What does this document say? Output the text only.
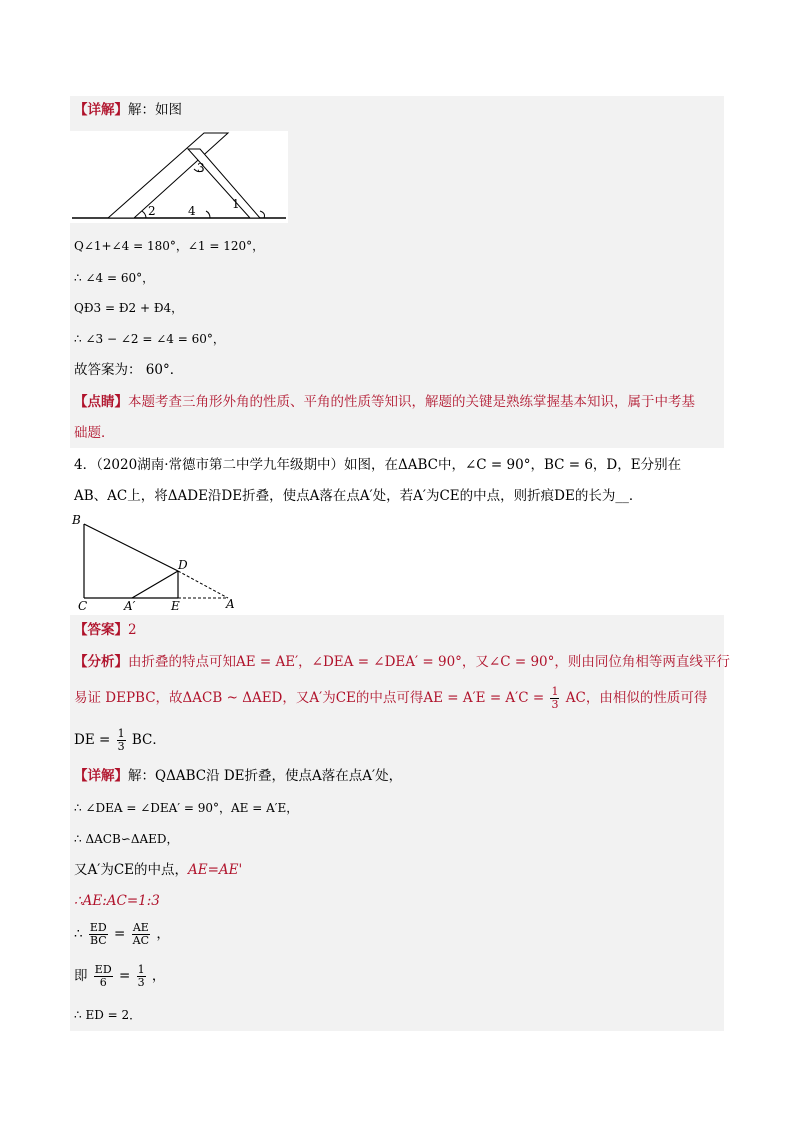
【详解】解：如图
3
1
2	4
Q∠1+∠4 = 180°，∠1 = 120°，
∴ ∠4 = 60°，
QÐ3 = Ð2 + Ð4，
∴ ∠3 − ∠2 = ∠4 = 60°，
故答案为： 60°．
【点睛】本题考查三角形外角的性质、平角的性质等知识，解题的关键是熟练掌握基本知识，属于中考基
础题．
4．（2020湖南·常德市第二中学九年级期中）如图，在ΔABC中，∠C = 90°，BC = 6，D，E分别在
AB、AC上，将ΔADE沿DE折叠，使点A落在点A′处，若A′为CE的中点，则折痕DE的长为__．
B
C	A′	E
D
A
【答案】2
【分析】由折叠的特点可知AE = AE′，∠DEA = ∠DEA′ = 90°，又∠C = 90°，则由同位角相等两直线平行
易证 DEPBC，故ΔACB ~ ΔAED，又A′为CE的中点可得AE = $A'E = A'C = \frac{1}{3}$ AC，由相似的性质可得
DE = $\frac{1}{3}$ BC．
【详解】解：QΔABC沿 DE折叠，使点A落在点A′处，
∴ ∠DEA = ∠DEA′ = 90°，AE = A′E，
∴ ΔACB∽ΔAED，
又A′为CE的中点，AE=AE'
∴AE:AC=1:3
∴ $\frac{ED}{BC} = \frac{AE}{AC}$ ，
即 $\frac{ED}{6} = \frac{1}{3}$ ，
∴ ED = 2．
